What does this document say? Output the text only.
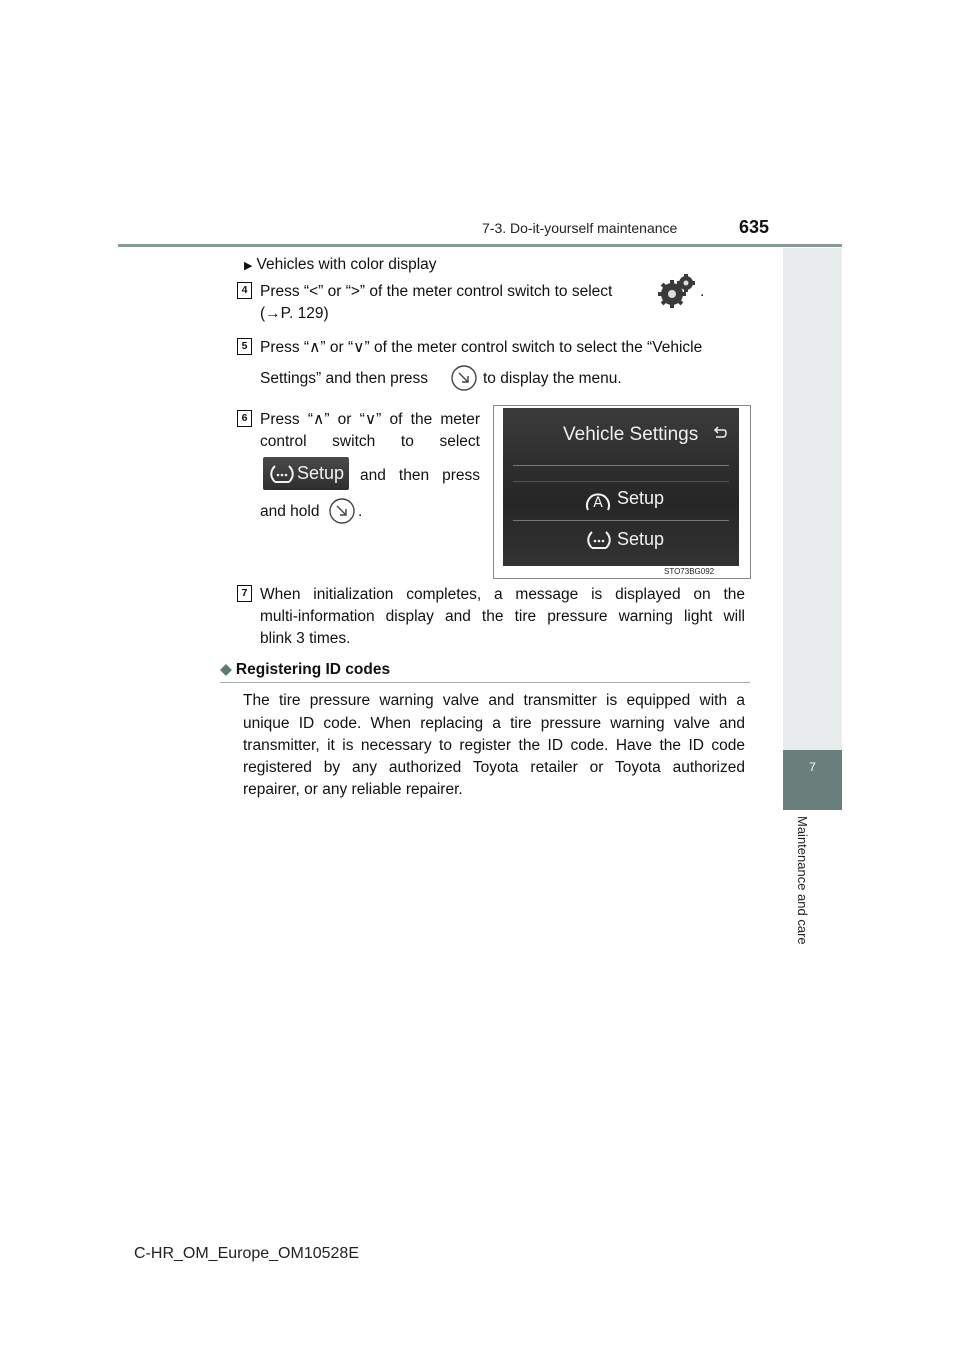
7-3. Do-it-yourself maintenance	635
7
Maintenance and care
▶ Vehicles with color display
4 Press “<” or “>” of the meter control switch to select	.
(→P. 129)
5 Press “∧” or “∨” of the meter control switch to select the “Vehicle
Settings” and then press	to display the menu.
6 Press “∧” or “∨” of the meter
control switch to select
Setup and then press
and hold .
Vehicle Settings
A Setup
Setup
STO73BG092
7 When initialization completes, a message is displayed on the
multi-information display and the tire pressure warning light will
blink 3 times.
◆ Registering ID codes
The tire pressure warning valve and transmitter is equipped with a
unique ID code. When replacing a tire pressure warning valve and
transmitter, it is necessary to register the ID code. Have the ID code
registered by any authorized Toyota retailer or Toyota authorized
repairer, or any reliable repairer.
C-HR_OM_Europe_OM10528E
